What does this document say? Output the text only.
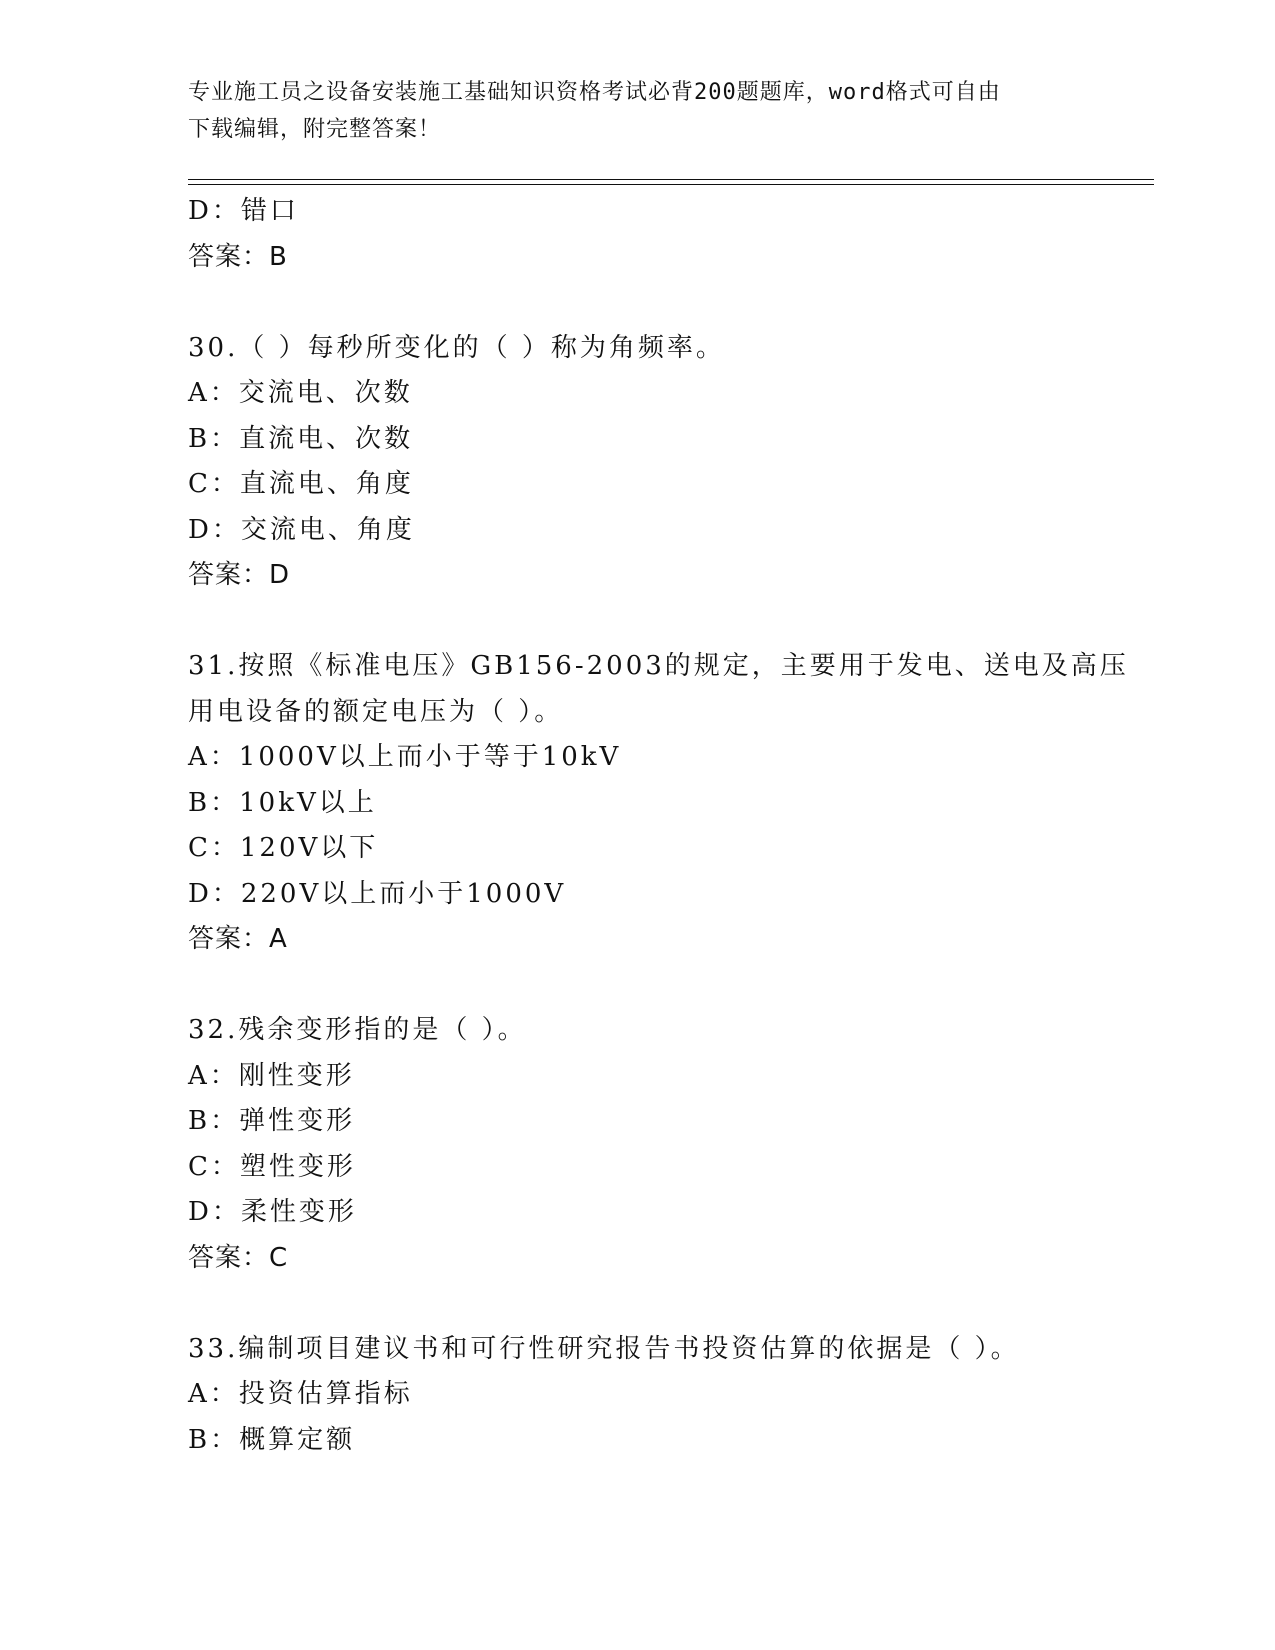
专业施工员之设备安装施工基础知识资格考试必背200题题库，word格式可自由
下载编辑，附完整答案！
D：错口
答案：B
30.（ ）每秒所变化的（ ）称为角频率。
A：交流电、次数
B：直流电、次数
C：直流电、角度
D：交流电、角度
答案：D
31.按照《标准电压》GB156-2003的规定，主要用于发电、送电及高压
用电设备的额定电压为（ ）。
A：1000V以上而小于等于10kV
B：10kV以上
C：120V以下
D：220V以上而小于1000V
答案：A
32.残余变形指的是（ ）。
A：刚性变形
B：弹性变形
C：塑性变形
D：柔性变形
答案：C
33.编制项目建议书和可行性研究报告书投资估算的依据是（ ）。
A：投资估算指标
B：概算定额
